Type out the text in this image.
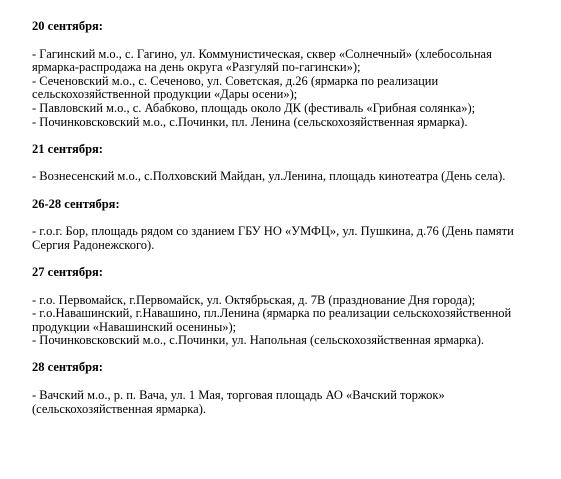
20 сентября:
- Гагинский м.о., с. Гагино, ул. Коммунистическая, сквер «Солнечный» (хлебосольная
ярмарка-распродажа на день округа «Разгуляй по-гагински»);
- Сеченовский м.о., с. Сеченово, ул. Советская, д.26 (ярмарка по реализации
сельскохозяйственной продукции «Дары осени»);
- Павловский м.о., с. Абабково, площадь около ДК (фестиваль «Грибная солянка»);
- Починковсковский м.о., с.Починки, пл. Ленина (сельскохозяйственная ярмарка).
21 сентября:
- Вознесенский м.о., с.Полховский Майдан, ул.Ленина, площадь кинотеатра (День села).
26-28 сентября:
- г.о.г. Бор, площадь рядом со зданием ГБУ НО «УМФЦ», ул. Пушкина, д.76 (День памяти
Сергия Радонежского).
27 сентября:
- г.о. Первомайск, г.Первомайск, ул. Октябрьская, д. 7В (празднование Дня города);
- г.о.Навашинский, г.Навашино, пл.Ленина (ярмарка по реализации сельскохозяйственной
продукции «Навашинский осенины»);
- Починковсковский м.о., с.Починки, ул. Напольная (сельскохозяйственная ярмарка).
28 сентября:
- Вачский м.о., р. п. Вача, ул. 1 Мая, торговая площадь АО «Вачский торжок»
(сельскохозяйственная ярмарка).
